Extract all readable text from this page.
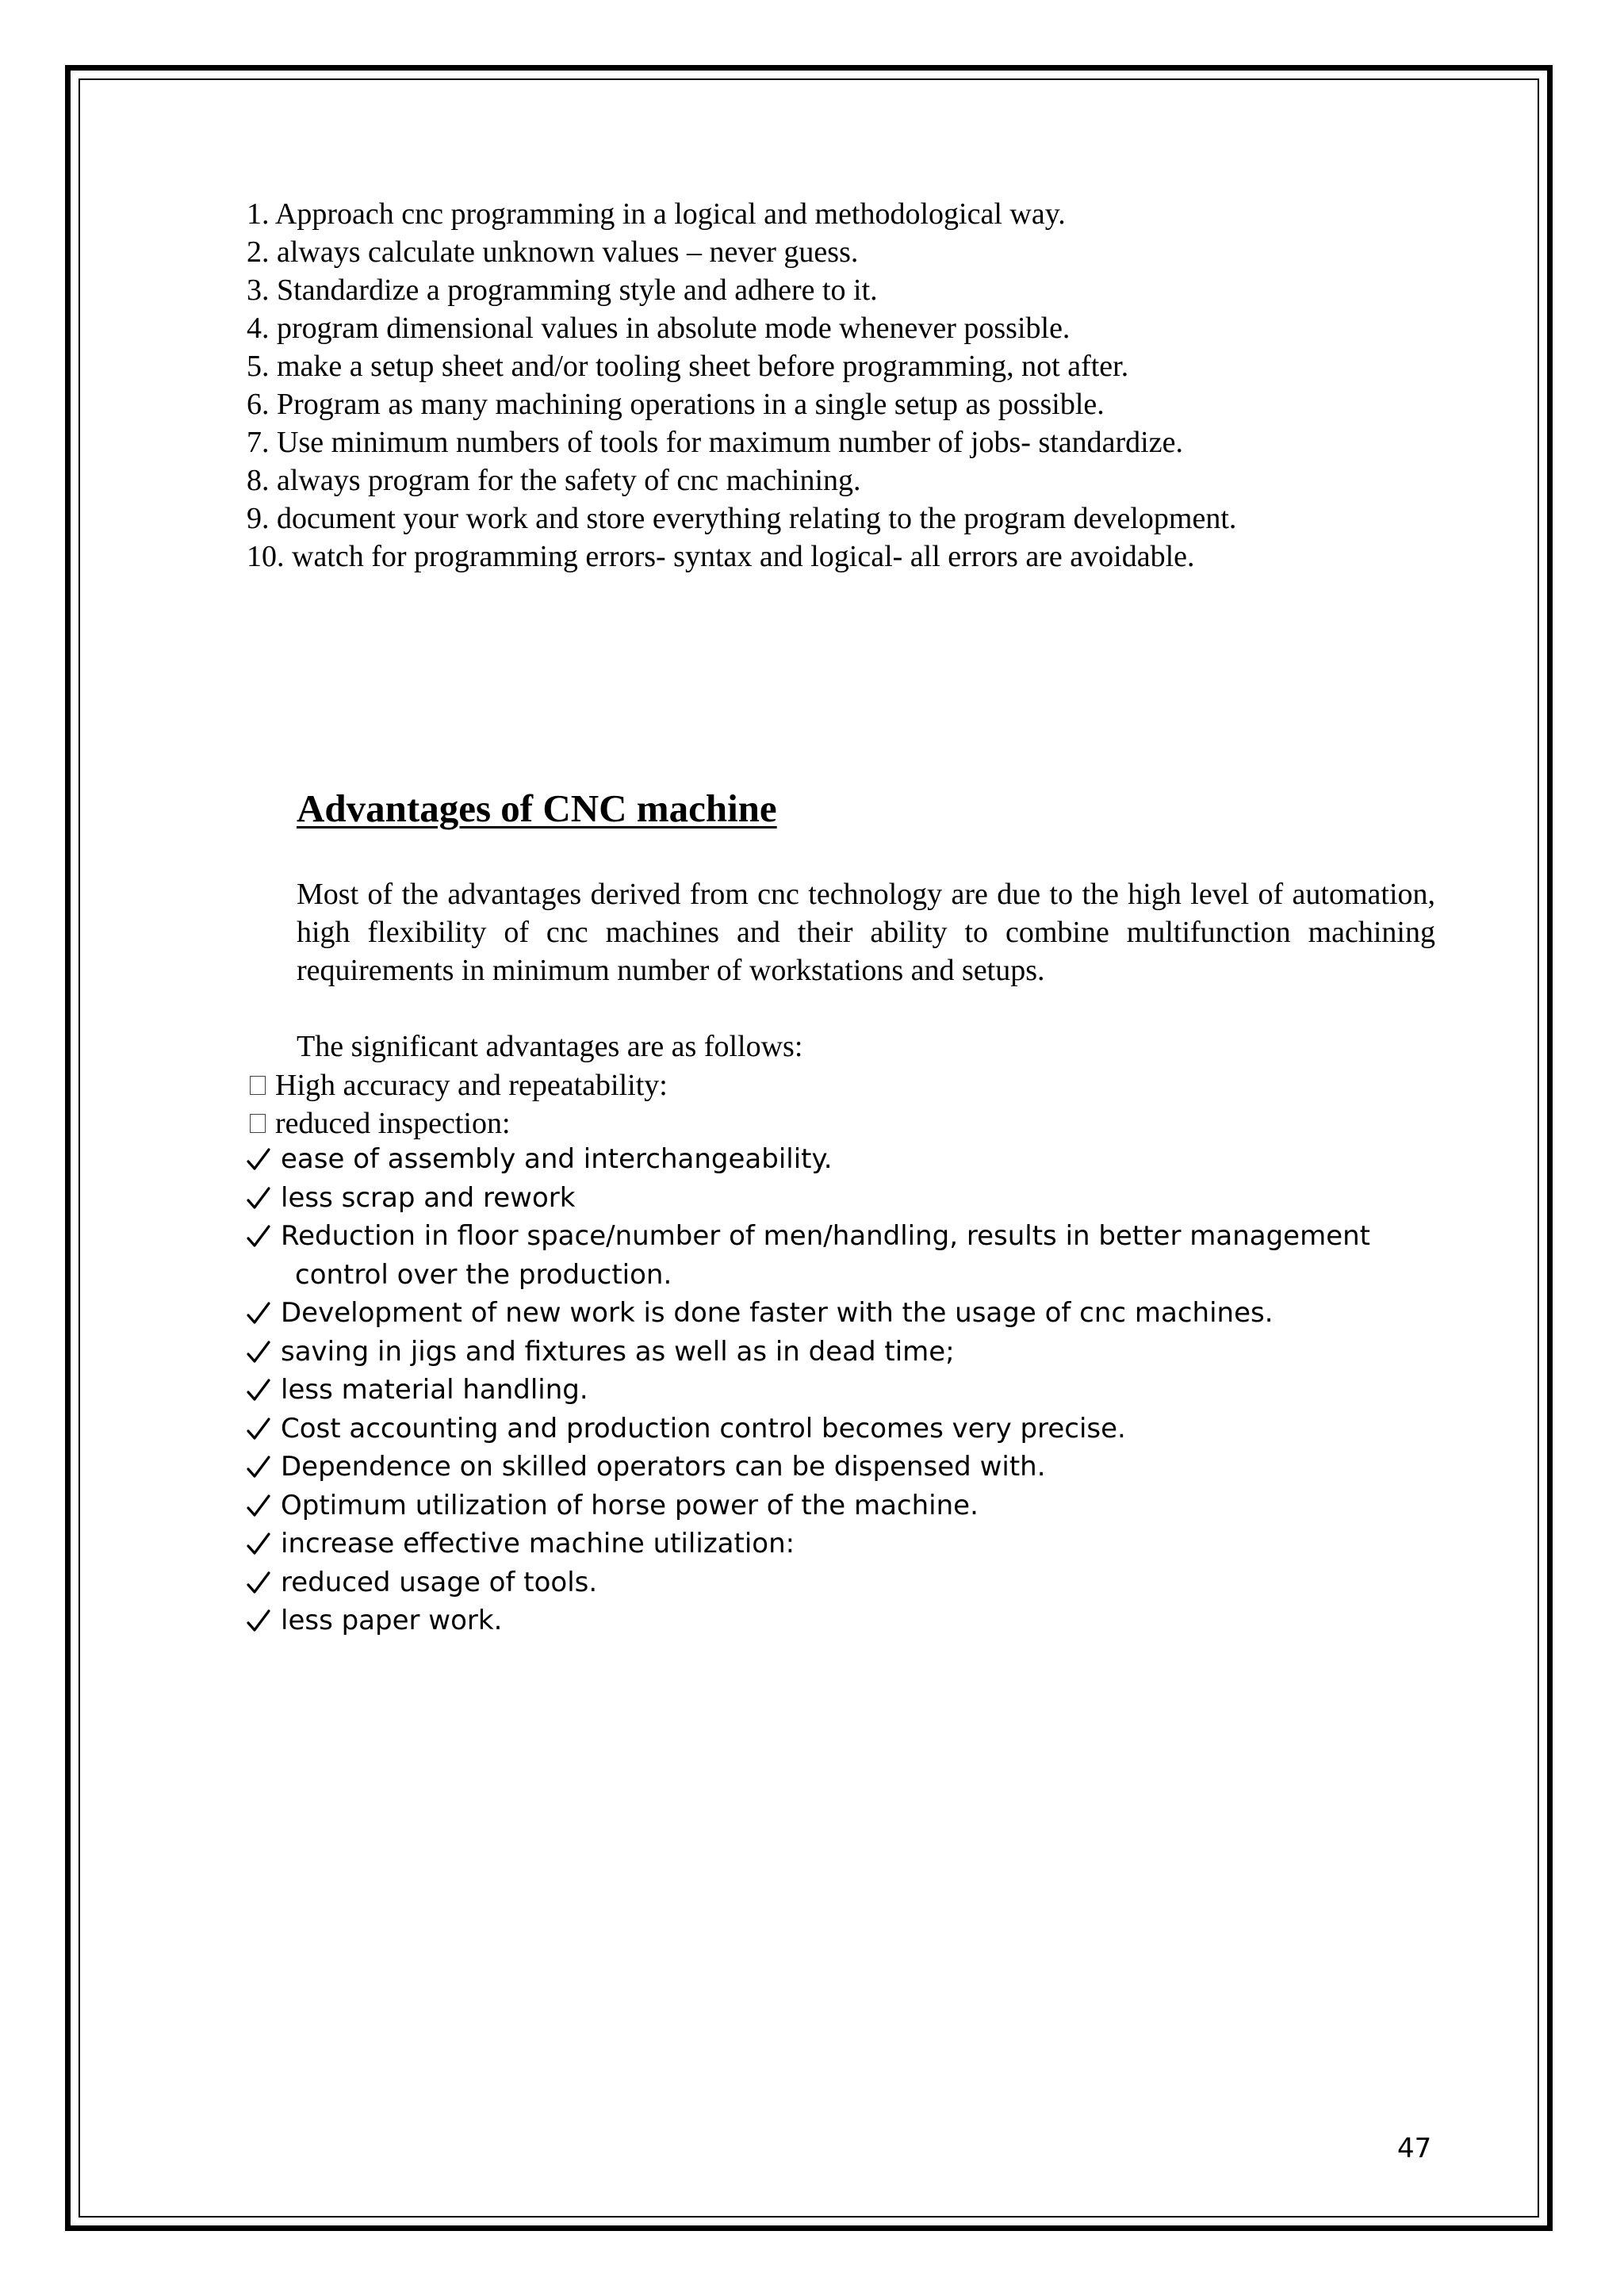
1. Approach cnc programming in a logical and methodological way.
2. always calculate unknown values – never guess.
3. Standardize a programming style and adhere to it.
4. program dimensional values in absolute mode whenever possible.
5. make a setup sheet and/or tooling sheet before programming, not after.
6. Program as many machining operations in a single setup as possible.
7. Use minimum numbers of tools for maximum number of jobs- standardize.
8. always program for the safety of cnc machining.
9. document your work and store everything relating to the program development.
10. watch for programming errors- syntax and logical- all errors are avoidable.
Advantages of CNC machine

Most of the advantages derived from cnc technology are due to the high level of automation, high flexibility of cnc machines and their ability to combine multifunction machining requirements in minimum number of workstations and setups.

The significant advantages are as follows:

High accuracy and repeatability:
reduced inspection:
ease of assembly and interchangeability.
less scrap and rework
Reduction in floor space/number of men/handling, results in better management
control over the production.
Development of new work is done faster with the usage of cnc machines.
saving in jigs and fixtures as well as in dead time;
less material handling.
Cost accounting and production control becomes very precise.
Dependence on skilled operators can be dispensed with.
Optimum utilization of horse power of the machine.
increase effective machine utilization:
reduced usage of tools.
less paper work.
47
